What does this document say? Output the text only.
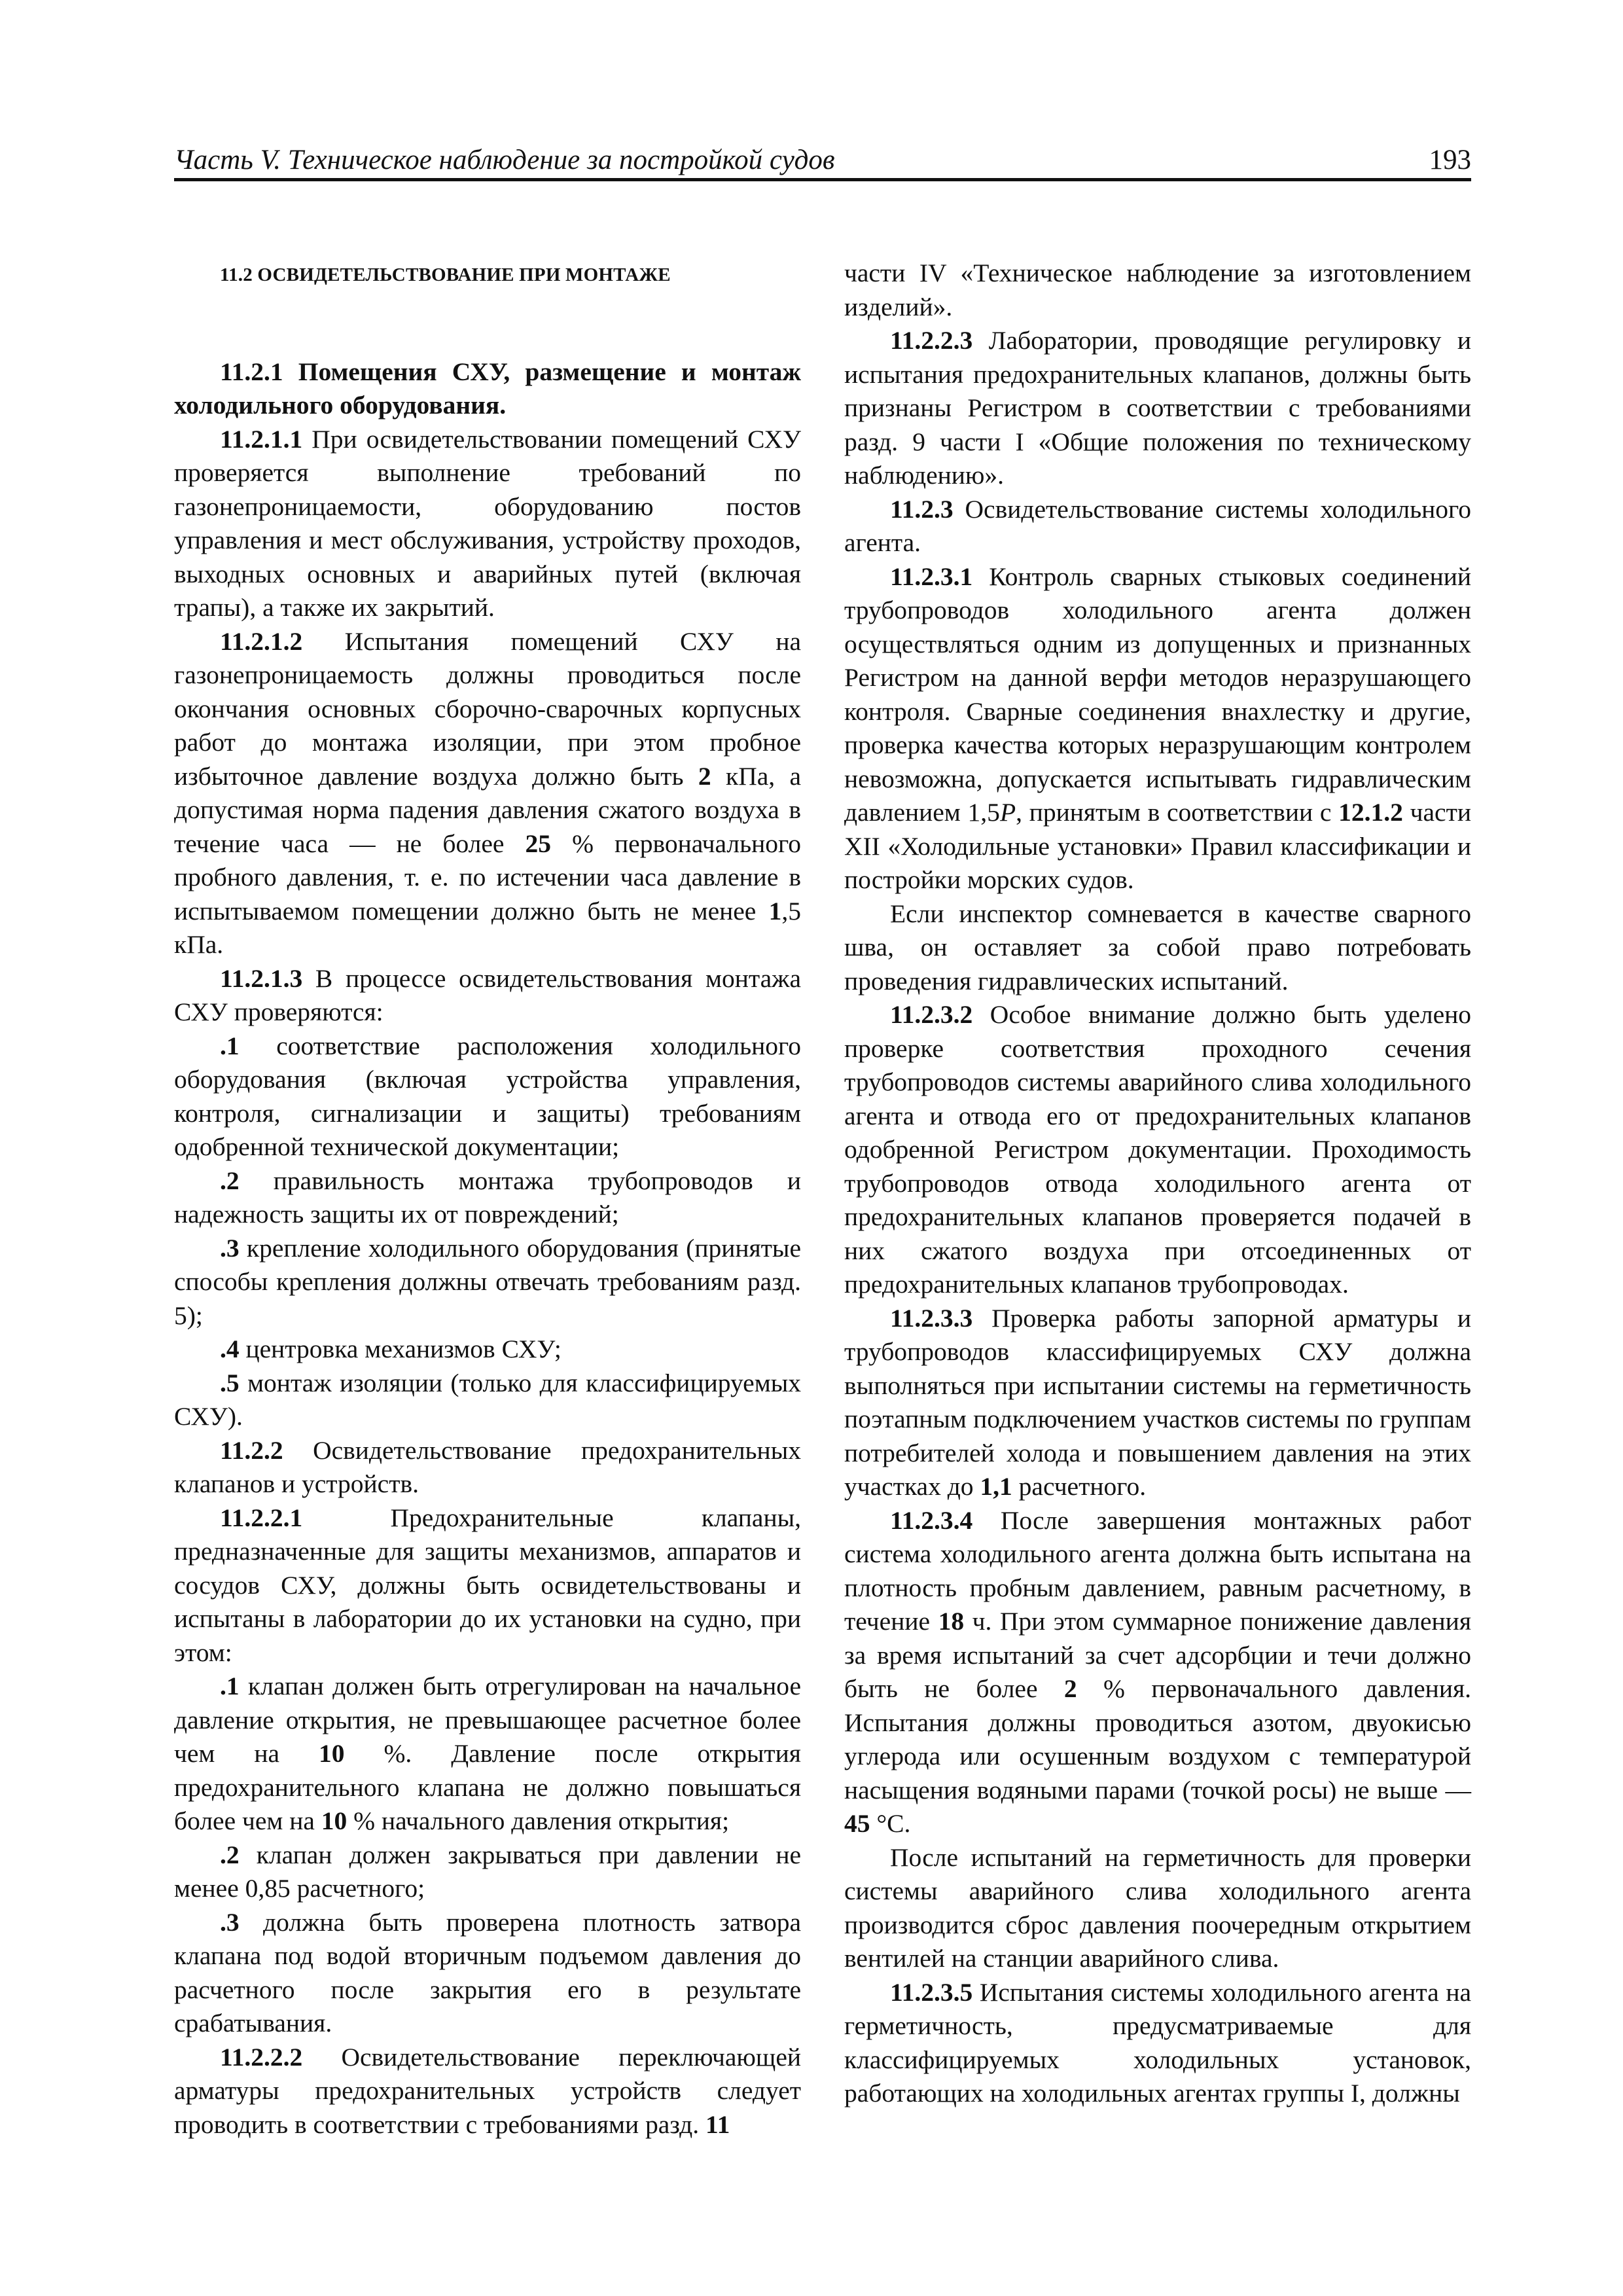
Часть V. Техническое наблюдение за постройкой судов	193
11.2 ОСВИДЕТЕЛЬСТВОВАНИЕ ПРИ МОНТАЖЕ

11.2.1 Помещения СХУ, размещение и монтаж холодильного оборудования.

11.2.1.1 При освидетельствовании помещений СХУ проверяется выполнение требований по газонепроницаемости, оборудованию постов управления и мест обслуживания, устройству проходов, выходных основных и аварийных путей (включая трапы), а также их закрытий.

11.2.1.2 Испытания помещений СХУ на газонепроницаемость должны проводиться после окончания основных сборочно-сварочных корпусных работ до монтажа изоляции, при этом пробное избыточное давление воздуха должно быть 2 кПа, а допустимая норма падения давления сжатого воздуха в течение часа — не более 25 % первоначального пробного давления, т. е. по истечении часа давление в испытываемом помещении должно быть не менее 1,5 кПа.

11.2.1.3 В процессе освидетельствования монтажа СХУ проверяются:

.1 соответствие расположения холодильного оборудования (включая устройства управления, контроля, сигнализации и защиты) требованиям одобренной технической документации;

.2 правильность монтажа трубопроводов и надежность защиты их от повреждений;

.3 крепление холодильного оборудования (принятые способы крепления должны отвечать требованиям разд. 5);

.4 центровка механизмов СХУ;

.5 монтаж изоляции (только для классифицируемых СХУ).

11.2.2 Освидетельствование предохранительных клапанов и устройств.

11.2.2.1 Предохранительные клапаны, предназначенные для защиты механизмов, аппаратов и сосудов СХУ, должны быть освидетельствованы и испытаны в лаборатории до их установки на судно, при этом:

.1 клапан должен быть отрегулирован на начальное давление открытия, не превышающее расчетное более чем на 10 %. Давление после открытия предохранительного клапана не должно повышаться более чем на 10 % начального давления открытия;

.2 клапан должен закрываться при давлении не менее 0,85 расчетного;

.3 должна быть проверена плотность затвора клапана под водой вторичным подъемом давления до расчетного после закрытия его в результате срабатывания.

11.2.2.2 Освидетельствование переключающей арматуры предохранительных устройств следует проводить в соответствии с требованиями разд. 11

части IV «Техническое наблюдение за изготовлением изделий».

11.2.2.3 Лаборатории, проводящие регулировку и испытания предохранительных клапанов, должны быть признаны Регистром в соответствии с требованиями разд. 9 части I «Общие положения по техническому наблюдению».

11.2.3 Освидетельствование системы холодильного агента.

11.2.3.1 Контроль сварных стыковых соединений трубопроводов холодильного агента должен осуществляться одним из допущенных и признанных Регистром на данной верфи методов неразрушающего контроля. Сварные соединения внахлестку и другие, проверка качества которых неразрушающим контролем невозможна, допускается испытывать гидравлическим давлением 1,5P, принятым в соответствии с 12.1.2 части XII «Холодильные установки» Правил классификации и постройки морских судов.

Если инспектор сомневается в качестве сварного шва, он оставляет за собой право потребовать проведения гидравлических испытаний.

11.2.3.2 Особое внимание должно быть уделено проверке соответствия проходного сечения трубопроводов системы аварийного слива холодильного агента и отвода его от предохранительных клапанов одобренной Регистром документации. Проходимость трубопроводов отвода холодильного агента от предохранительных клапанов проверяется подачей в них сжатого воздуха при отсоединенных от предохранительных клапанов трубопроводах.

11.2.3.3 Проверка работы запорной арматуры и трубопроводов классифицируемых СХУ должна выполняться при испытании системы на герметичность поэтапным подключением участков системы по группам потребителей холода и повышением давления на этих участках до 1,1 расчетного.

11.2.3.4 После завершения монтажных работ система холодильного агента должна быть испытана на плотность пробным давлением, равным расчетному, в течение 18 ч. При этом суммарное понижение давления за время испытаний за счет адсорбции и течи должно быть не более 2 % первоначального давления. Испытания должны проводиться азотом, двуокисью углерода или осушенным воздухом с температурой насыщения водяными парами (точкой росы) не выше — 45 °С.

После испытаний на герметичность для проверки системы аварийного слива холодильного агента производится сброс давления поочередным открытием вентилей на станции аварийного слива.

11.2.3.5 Испытания системы холодильного агента на герметичность, предусматриваемые для классифицируемых холодильных установок, работающих на холодильных агентах группы I, должны
